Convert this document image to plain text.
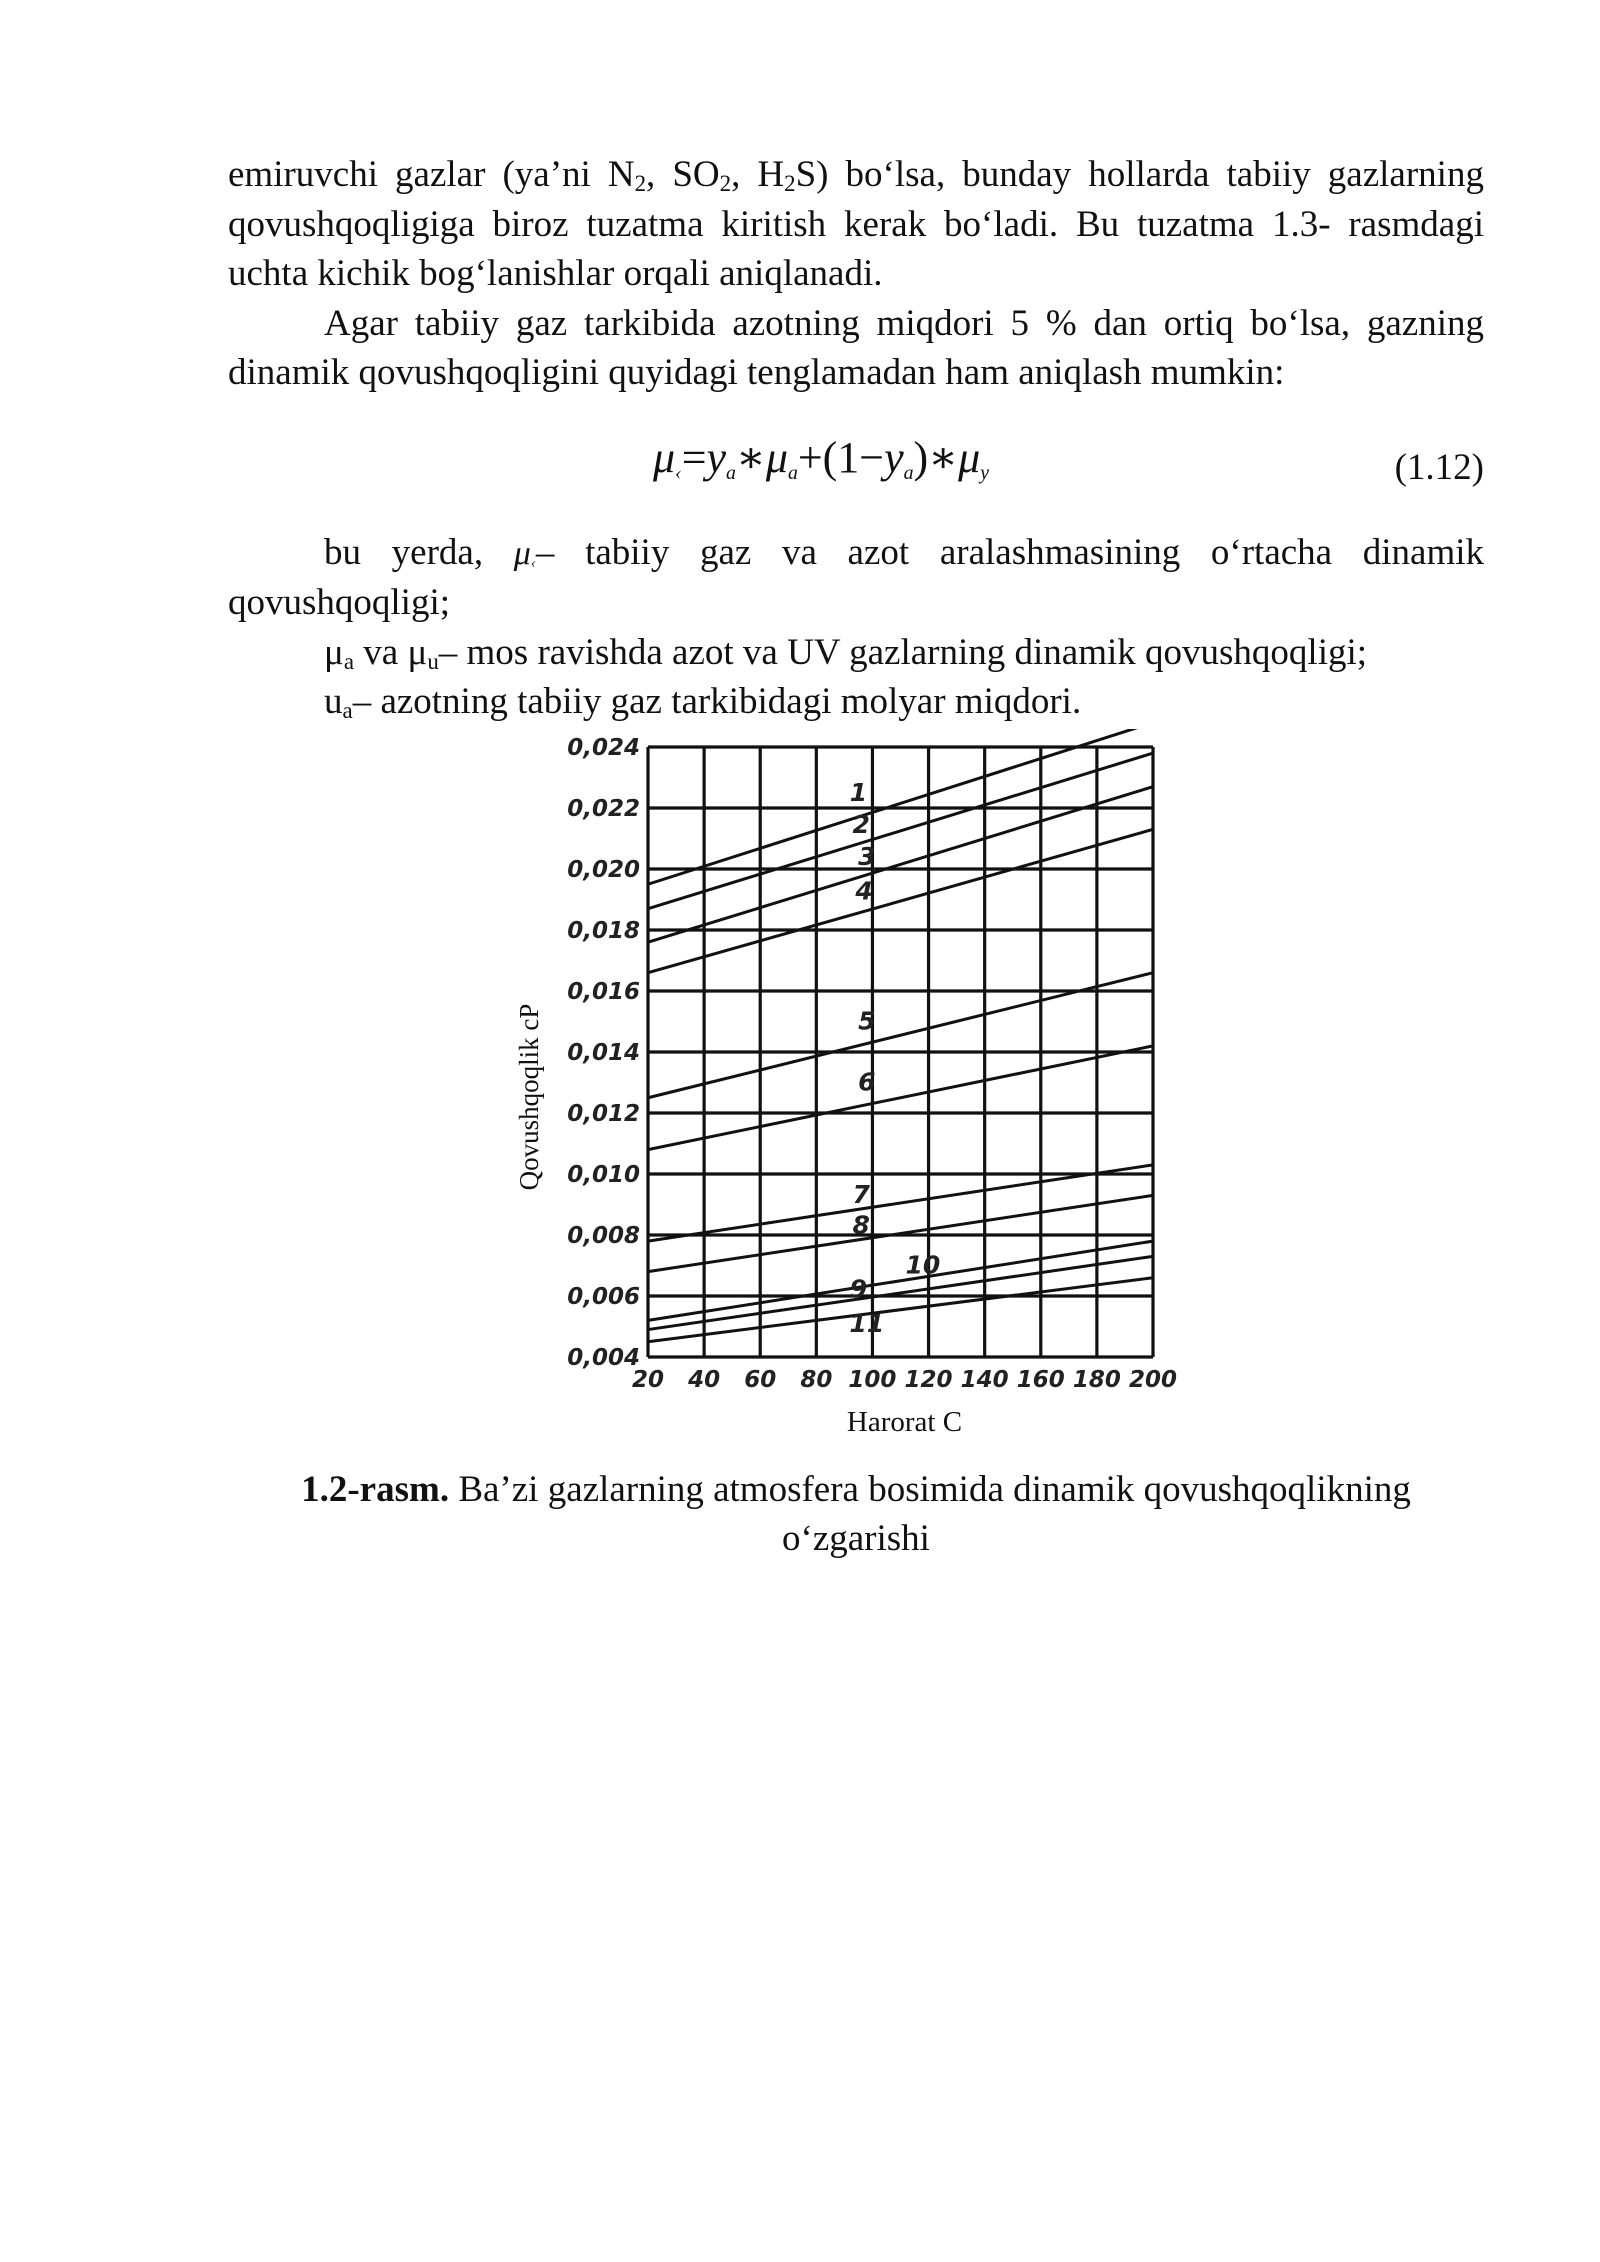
emiruvchi gazlar (ya’ni $N_2$, $SO_2$, $H_2S$) bo‘lsa, bunday hollarda tabiiy gazlarning qovushqoqligiga biroz tuzatma kiritish kerak bo‘ladi. Bu tuzatma 1.3- rasmdagi uchta kichik bog‘lanishlar orqali aniqlanadi.

Agar tabiiy gaz tarkibida azotning miqdori 5 % dan ortiq bo‘lsa, gazning dinamik qovushqoqligini quyidagi tenglamadan ham aniqlash mumkin:

$\mu_‹=y_a∗\mu_a+(1-y_a)∗\mu_y$	(1.12)

bu yerda, $\mu_‹-$ tabiiy gaz va azot aralashmasining o‘rtacha dinamik qovushqoqligi;

$\mu_a$ va $\mu_u-$ mos ravishda azot va UV gazlarning dinamik qovushqoqligi;

$u_a-$ azotning tabiiy gaz tarkibidagi molyar miqdori.

0,004
0,006
0,008
0,010
0,012
0,014
0,016
0,018
0,020
0,022
0,024
20 40 60 80 100 120 140 160 180 200
Qovushqoqlik cP
Harorat C
1
2
3
4
5
6
7
8
9
10
11
1.2-rasm. Ba’zi gazlarning atmosfera bosimida dinamik qovushqoqlikning o‘zgarishi
